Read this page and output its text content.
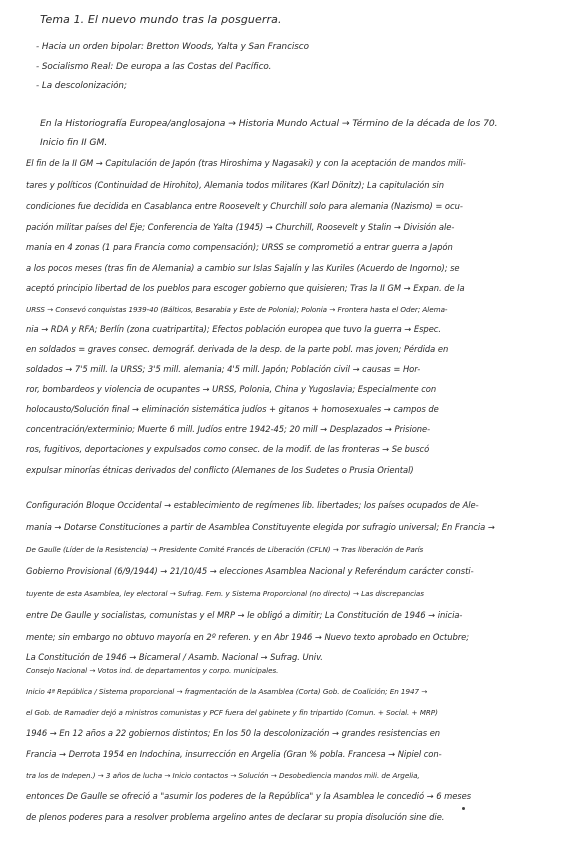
Tema 1. El nuevo mundo tras la posguerra.

- Hacia un orden bipolar: Bretton Woods, Yalta y San Francisco

- Socialismo Real: De europa a las Costas del Pacífico.

- La descolonización;

En la Historiografía Europea/anglosajona → Historia Mundo Actual → Término de la década de los 70.

Inicio fin II GM.

El fin de la II GM → Capitulación de Japón (tras Hiroshima y Nagasaki) y con la aceptación de mandos mili-

tares y políticos (Continuidad de Hirohito), Alemania todos militares (Karl Dönitz); La capitulación sin

condiciones fue decidida en Casablanca entre Roosevelt y Churchill solo para alemania (Nazismo) = ocu-

pación militar países del Eje; Conferencia de Yalta (1945) → Churchill, Roosevelt y Stalin → División ale-

mania en 4 zonas (1 para Francia como compensación); URSS se comprometió a entrar guerra a Japón

a los pocos meses (tras fin de Alemania) a cambio sur Islas Sajalín y las Kuriles (Acuerdo de Ingorno); se

aceptó principio libertad de los pueblos para escoger gobierno que quisieren; Tras la II GM → Expan. de la

URSS → Consevó conquistas 1939-40 (Bálticos, Besarabia y Este de Polonia); Polonia → Frontera hasta el Oder; Alema-

nia → RDA y RFA; Berlín (zona cuatripartita); Efectos población europea que tuvo la guerra → Espec.

en soldados = graves consec. demográf. derivada de la desp. de la parte pobl. mas joven; Pérdida en

soldados → 7'5 mill. la URSS; 3'5 mill. alemania; 4'5 mill. Japón; Población civil → causas = Hor-

ror, bombardeos y violencia de ocupantes → URSS, Polonia, China y Yugoslavia; Especialmente con

holocausto/Solución final → eliminación sistemática judíos + gitanos + homosexuales → campos de

concentración/exterminio; Muerte 6 mill. Judíos entre 1942-45; 20 mill → Desplazados → Prisione-

ros, fugitivos, deportaciones y expulsados como consec. de la modif. de las fronteras → Se buscó

expulsar minorías étnicas derivados del conflicto (Alemanes de los Sudetes o Prusia Oriental)

Configuración Bloque Occidental → establecimiento de regímenes lib. libertades; los países ocupados de Ale-

mania → Dotarse Constituciones a partir de Asamblea Constituyente elegida por sufragio universal; En Francia →

De Gaulle (Líder de la Resistencia) → Presidente Comité Francés de Liberación (CFLN) → Tras liberación de París

Gobierno Provisional (6/9/1944) → 21/10/45 → elecciones Asamblea Nacional y Referéndum carácter consti-

tuyente de esta Asamblea, ley electoral → Sufrag. Fem. y Sistema Proporcional (no directo) → Las discrepancias

entre De Gaulle y socialistas, comunistas y el MRP → le obligó a dimitir; La Constitución de 1946 → inicia-

mente; sin embargo no obtuvo mayoría en 2º referen. y en Abr 1946 → Nuevo texto aprobado en Octubre;

La Constitución de 1946 → Bicameral / Asamb. Nacional → Sufrag. Univ.

Consejo Nacional → Votos ind. de departamentos y corpo. municipales.

Inicio 4ª República / Sistema proporcional → fragmentación de la Asamblea (Corta) Gob. de Coalición; En 1947 →

el Gob. de Ramadier dejó a ministros comunistas y PCF fuera del gabinete y fin tripartido (Comun. + Social. + MRP)

1946 → En 12 años a 22 gobiernos distintos; En los 50 la descolonización → grandes resistencias en

Francia → Derrota 1954 en Indochina, insurrección en Argelia (Gran % pobla. Francesa → Nipiel con-

tra los de Indepen.) → 3 años de lucha → Inicio contactos → Solución → Desobediencia mandos mili. de Argelia,

entonces De Gaulle se ofreció a "asumir los poderes de la República" y la Asamblea le concedió → 6 meses

de plenos poderes para a resolver problema argelino antes de declarar su propia disolución sine die.
